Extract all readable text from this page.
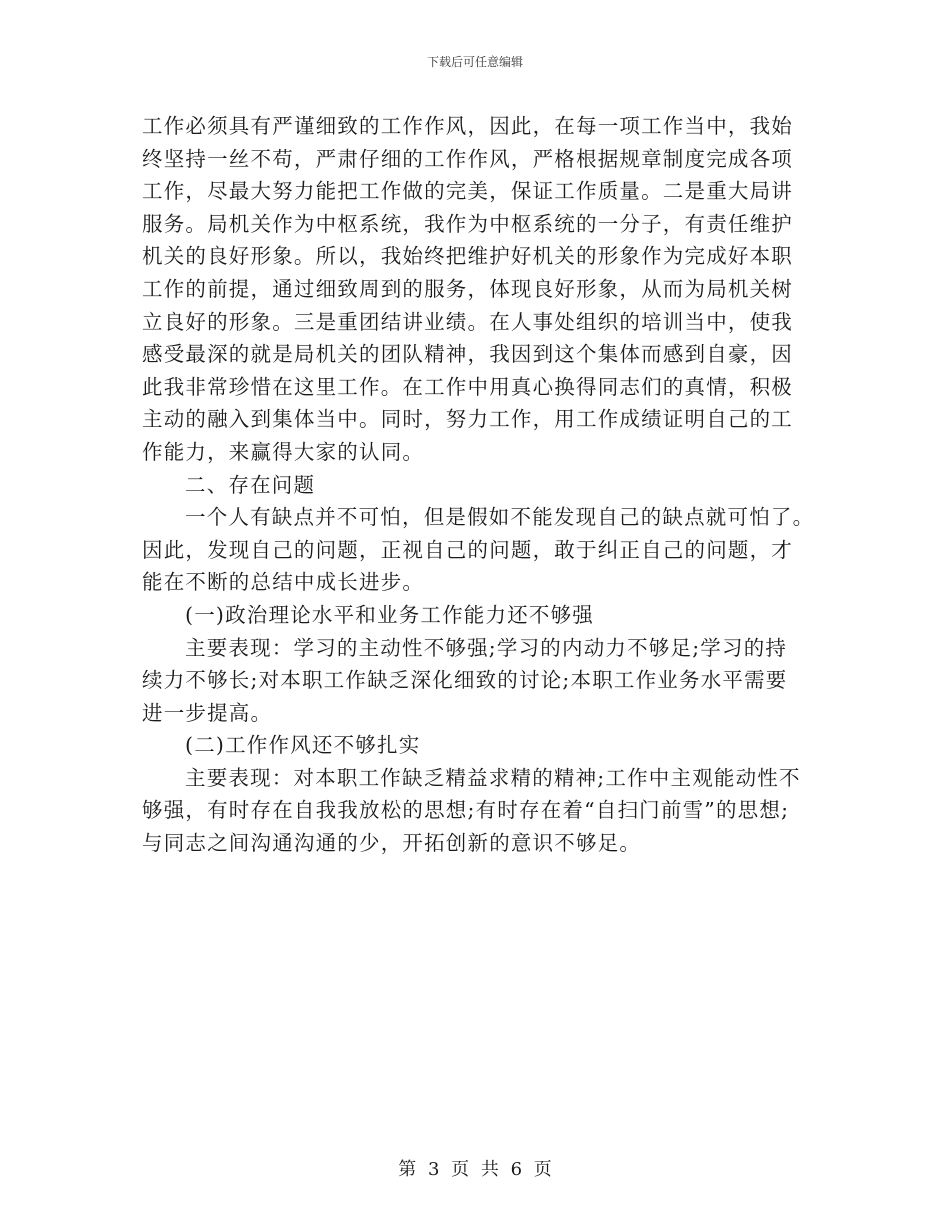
下载后可任意编辑
工作必须具有严谨细致的工作作风，因此，在每一项工作当中，我始
终坚持一丝不苟，严肃仔细的工作作风，严格根据规章制度完成各项
工作，尽最大努力能把工作做的完美，保证工作质量。二是重大局讲
服务。局机关作为中枢系统，我作为中枢系统的一分子，有责任维护
机关的良好形象。所以，我始终把维护好机关的形象作为完成好本职
工作的前提，通过细致周到的服务，体现良好形象，从而为局机关树
立良好的形象。三是重团结讲业绩。在人事处组织的培训当中，使我
感受最深的就是局机关的团队精神，我因到这个集体而感到自豪，因
此我非常珍惜在这里工作。在工作中用真心换得同志们的真情，积极
主动的融入到集体当中。同时，努力工作，用工作成绩证明自己的工
作能力，来赢得大家的认同。
二、存在问题
一个人有缺点并不可怕，但是假如不能发现自己的缺点就可怕了。
因此，发现自己的问题，正视自己的问题，敢于纠正自己的问题，才
能在不断的总结中成长进步。
(一)政治理论水平和业务工作能力还不够强
主要表现：学习的主动性不够强;学习的内动力不够足;学习的持
续力不够长;对本职工作缺乏深化细致的讨论;本职工作业务水平需要
进一步提高。
(二)工作作风还不够扎实
主要表现：对本职工作缺乏精益求精的精神;工作中主观能动性不
够强，有时存在自我我放松的思想;有时存在着“自扫门前雪”的思想;
与同志之间沟通沟通的少，开拓创新的意识不够足。
第 3 页 共 6 页
